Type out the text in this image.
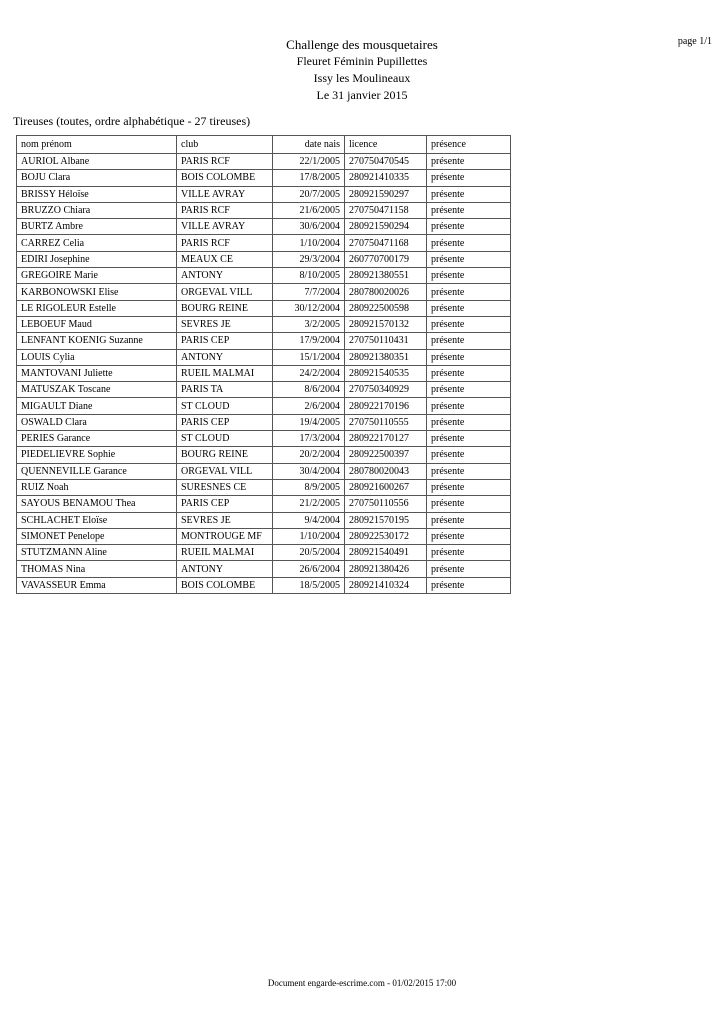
Challenge des mousquetaires
Fleuret Féminin Pupillettes
Issy les Moulineaux
Le 31 janvier 2015
page 1/1
Tireuses (toutes, ordre alphabétique - 27 tireuses)
nom prénom	club	date nais	licence	présence
AURIOL Albane	PARIS RCF	22/1/2005	270750470545	présente
BOJU Clara	BOIS COLOMBE	17/8/2005	280921410335	présente
BRISSY Héloïse	VILLE AVRAY	20/7/2005	280921590297	présente
BRUZZO Chiara	PARIS RCF	21/6/2005	270750471158	présente
BURTZ Ambre	VILLE AVRAY	30/6/2004	280921590294	présente
CARREZ Celia	PARIS RCF	1/10/2004	270750471168	présente
EDIRI Josephine	MEAUX CE	29/3/2004	260770700179	présente
GREGOIRE Marie	ANTONY	8/10/2005	280921380551	présente
KARBONOWSKI Elise	ORGEVAL VILL	7/7/2004	280780020026	présente
LE RIGOLEUR Estelle	BOURG REINE	30/12/2004	280922500598	présente
LEBOEUF Maud	SEVRES JE	3/2/2005	280921570132	présente
LENFANT KOENIG Suzanne	PARIS CEP	17/9/2004	270750110431	présente
LOUIS Cylia	ANTONY	15/1/2004	280921380351	présente
MANTOVANI Juliette	RUEIL MALMAI	24/2/2004	280921540535	présente
MATUSZAK Toscane	PARIS TA	8/6/2004	270750340929	présente
MIGAULT Diane	ST CLOUD	2/6/2004	280922170196	présente
OSWALD Clara	PARIS CEP	19/4/2005	270750110555	présente
PERIES Garance	ST CLOUD	17/3/2004	280922170127	présente
PIEDELIEVRE Sophie	BOURG REINE	20/2/2004	280922500397	présente
QUENNEVILLE Garance	ORGEVAL VILL	30/4/2004	280780020043	présente
RUIZ Noah	SURESNES CE	8/9/2005	280921600267	présente
SAYOUS BENAMOU Thea	PARIS CEP	21/2/2005	270750110556	présente
SCHLACHET Eloïse	SEVRES JE	9/4/2004	280921570195	présente
SIMONET Penelope	MONTROUGE MF	1/10/2004	280922530172	présente
STUTZMANN Aline	RUEIL MALMAI	20/5/2004	280921540491	présente
THOMAS Nina	ANTONY	26/6/2004	280921380426	présente
VAVASSEUR Emma	BOIS COLOMBE	18/5/2005	280921410324	présente
Document engarde-escrime.com - 01/02/2015 17:00
